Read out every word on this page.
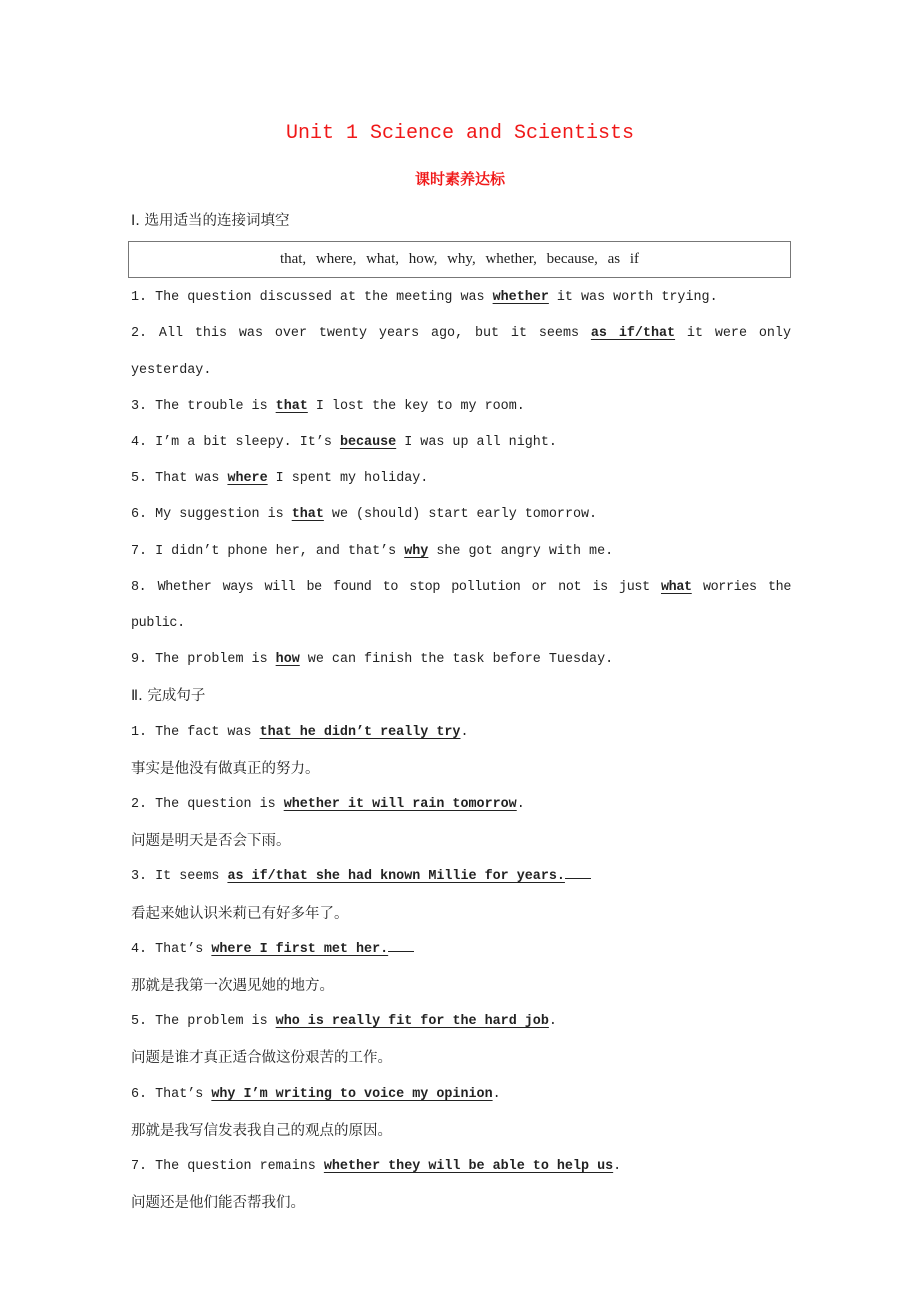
Unit 1 Science and Scientists
课时素养达标

Ⅰ. 选用适当的连接词填空

that, where, what, how, why, whether, because, as if

1. The question discussed at the meeting was whether it was worth trying.

2. All this was over twenty years ago, but it seems as if/that it were only yesterday.

3. The trouble is that I lost the key to my room.

4. I’m a bit sleepy. It’s because I was up all night.

5. That was where I spent my holiday.

6. My suggestion is that we (should) start early tomorrow.

7. I didn’t phone her, and that’s why she got angry with me.

8. Whether ways will be found to stop pollution or not is just what worries the public.

9. The problem is how we can finish the task before Tuesday.

Ⅱ. 完成句子

1. The fact was that he didn’t really try.

事实是他没有做真正的努力。

2. The question is whether it will rain tomorrow.

问题是明天是否会下雨。

3. It seems as if/that she had known Millie for years.

看起来她认识米莉已有好多年了。

4. That’s where I first met her.

那就是我第一次遇见她的地方。

5. The problem is who is really fit for the hard job.

问题是谁才真正适合做这份艰苦的工作。

6. That’s why I’m writing to voice my opinion.

那就是我写信发表我自己的观点的原因。

7. The question remains whether they will be able to help us.

问题还是他们能否帮我们。
